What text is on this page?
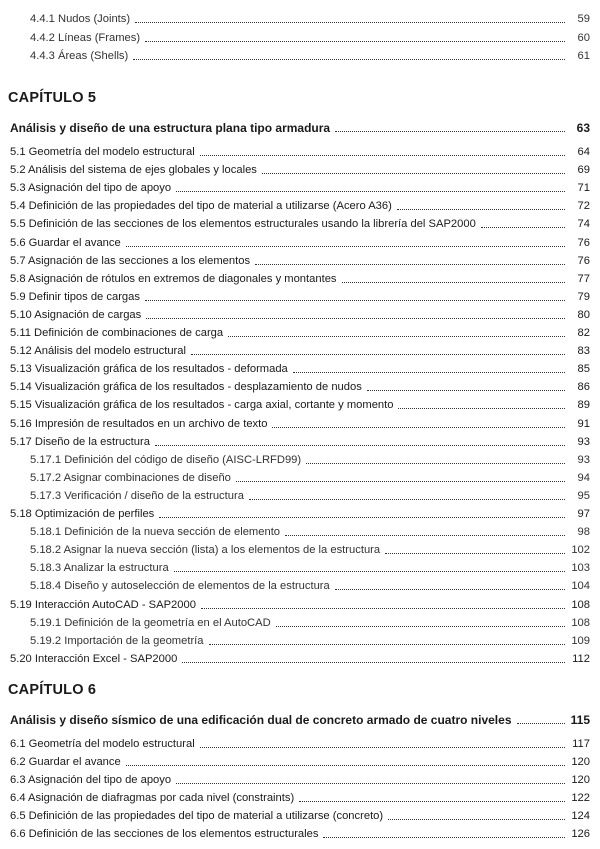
4.4.1 Nudos (Joints)	59
4.4.2 Líneas (Frames)	60
4.4.3 Áreas (Shells)	61
CAPÍTULO 5
Análisis y diseño de una estructura plana tipo armadura	63
5.1 Geometría del modelo estructural	64
5.2 Análisis del sistema de ejes globales y locales	69
5.3 Asignación del tipo de apoyo	71
5.4 Definición de las propiedades del tipo de material a utilizarse (Acero A36)	72
5.5 Definición de las secciones de los elementos estructurales usando la librería del SAP2000	74
5.6 Guardar el avance	76
5.7 Asignación de las secciones a los elementos	76
5.8 Asignación de rótulos en extremos de diagonales y montantes	77
5.9 Definir tipos de cargas	79
5.10 Asignación de cargas	80
5.11 Definición de combinaciones de carga	82
5.12 Análisis del modelo estructural	83
5.13 Visualización gráfica de los resultados - deformada	85
5.14 Visualización gráfica de los resultados - desplazamiento de nudos	86
5.15 Visualización gráfica de los resultados - carga axial, cortante y momento	89
5.16 Impresión de resultados en un archivo de texto	91
5.17 Diseño de la estructura	93
5.17.1 Definición del código de diseño (AISC-LRFD99)	93
5.17.2 Asignar combinaciones de diseño	94
5.17.3 Verificación / diseño de la estructura	95
5.18 Optimización de perfiles	97
5.18.1 Definición de la nueva sección de elemento	98
5.18.2 Asignar la nueva sección (lista) a los elementos de la estructura	102
5.18.3 Analizar la estructura	103
5.18.4 Diseño y autoselección de elementos de la estructura	104
5.19 Interacción AutoCAD - SAP2000	108
5.19.1 Definición de la geometría en el AutoCAD	108
5.19.2 Importación de la geometría	109
5.20 Interacción Excel - SAP2000	112
CAPÍTULO 6
Análisis y diseño sísmico de una edificación dual de concreto armado de cuatro niveles	115
6.1 Geometría del modelo estructural	117
6.2 Guardar el avance	120
6.3 Asignación del tipo de apoyo	120
6.4 Asignación de diafragmas por cada nivel (constraints)	122
6.5 Definición de las propiedades del tipo de material a utilizarse (concreto)	124
6.6 Definición de las secciones de los elementos estructurales	126
